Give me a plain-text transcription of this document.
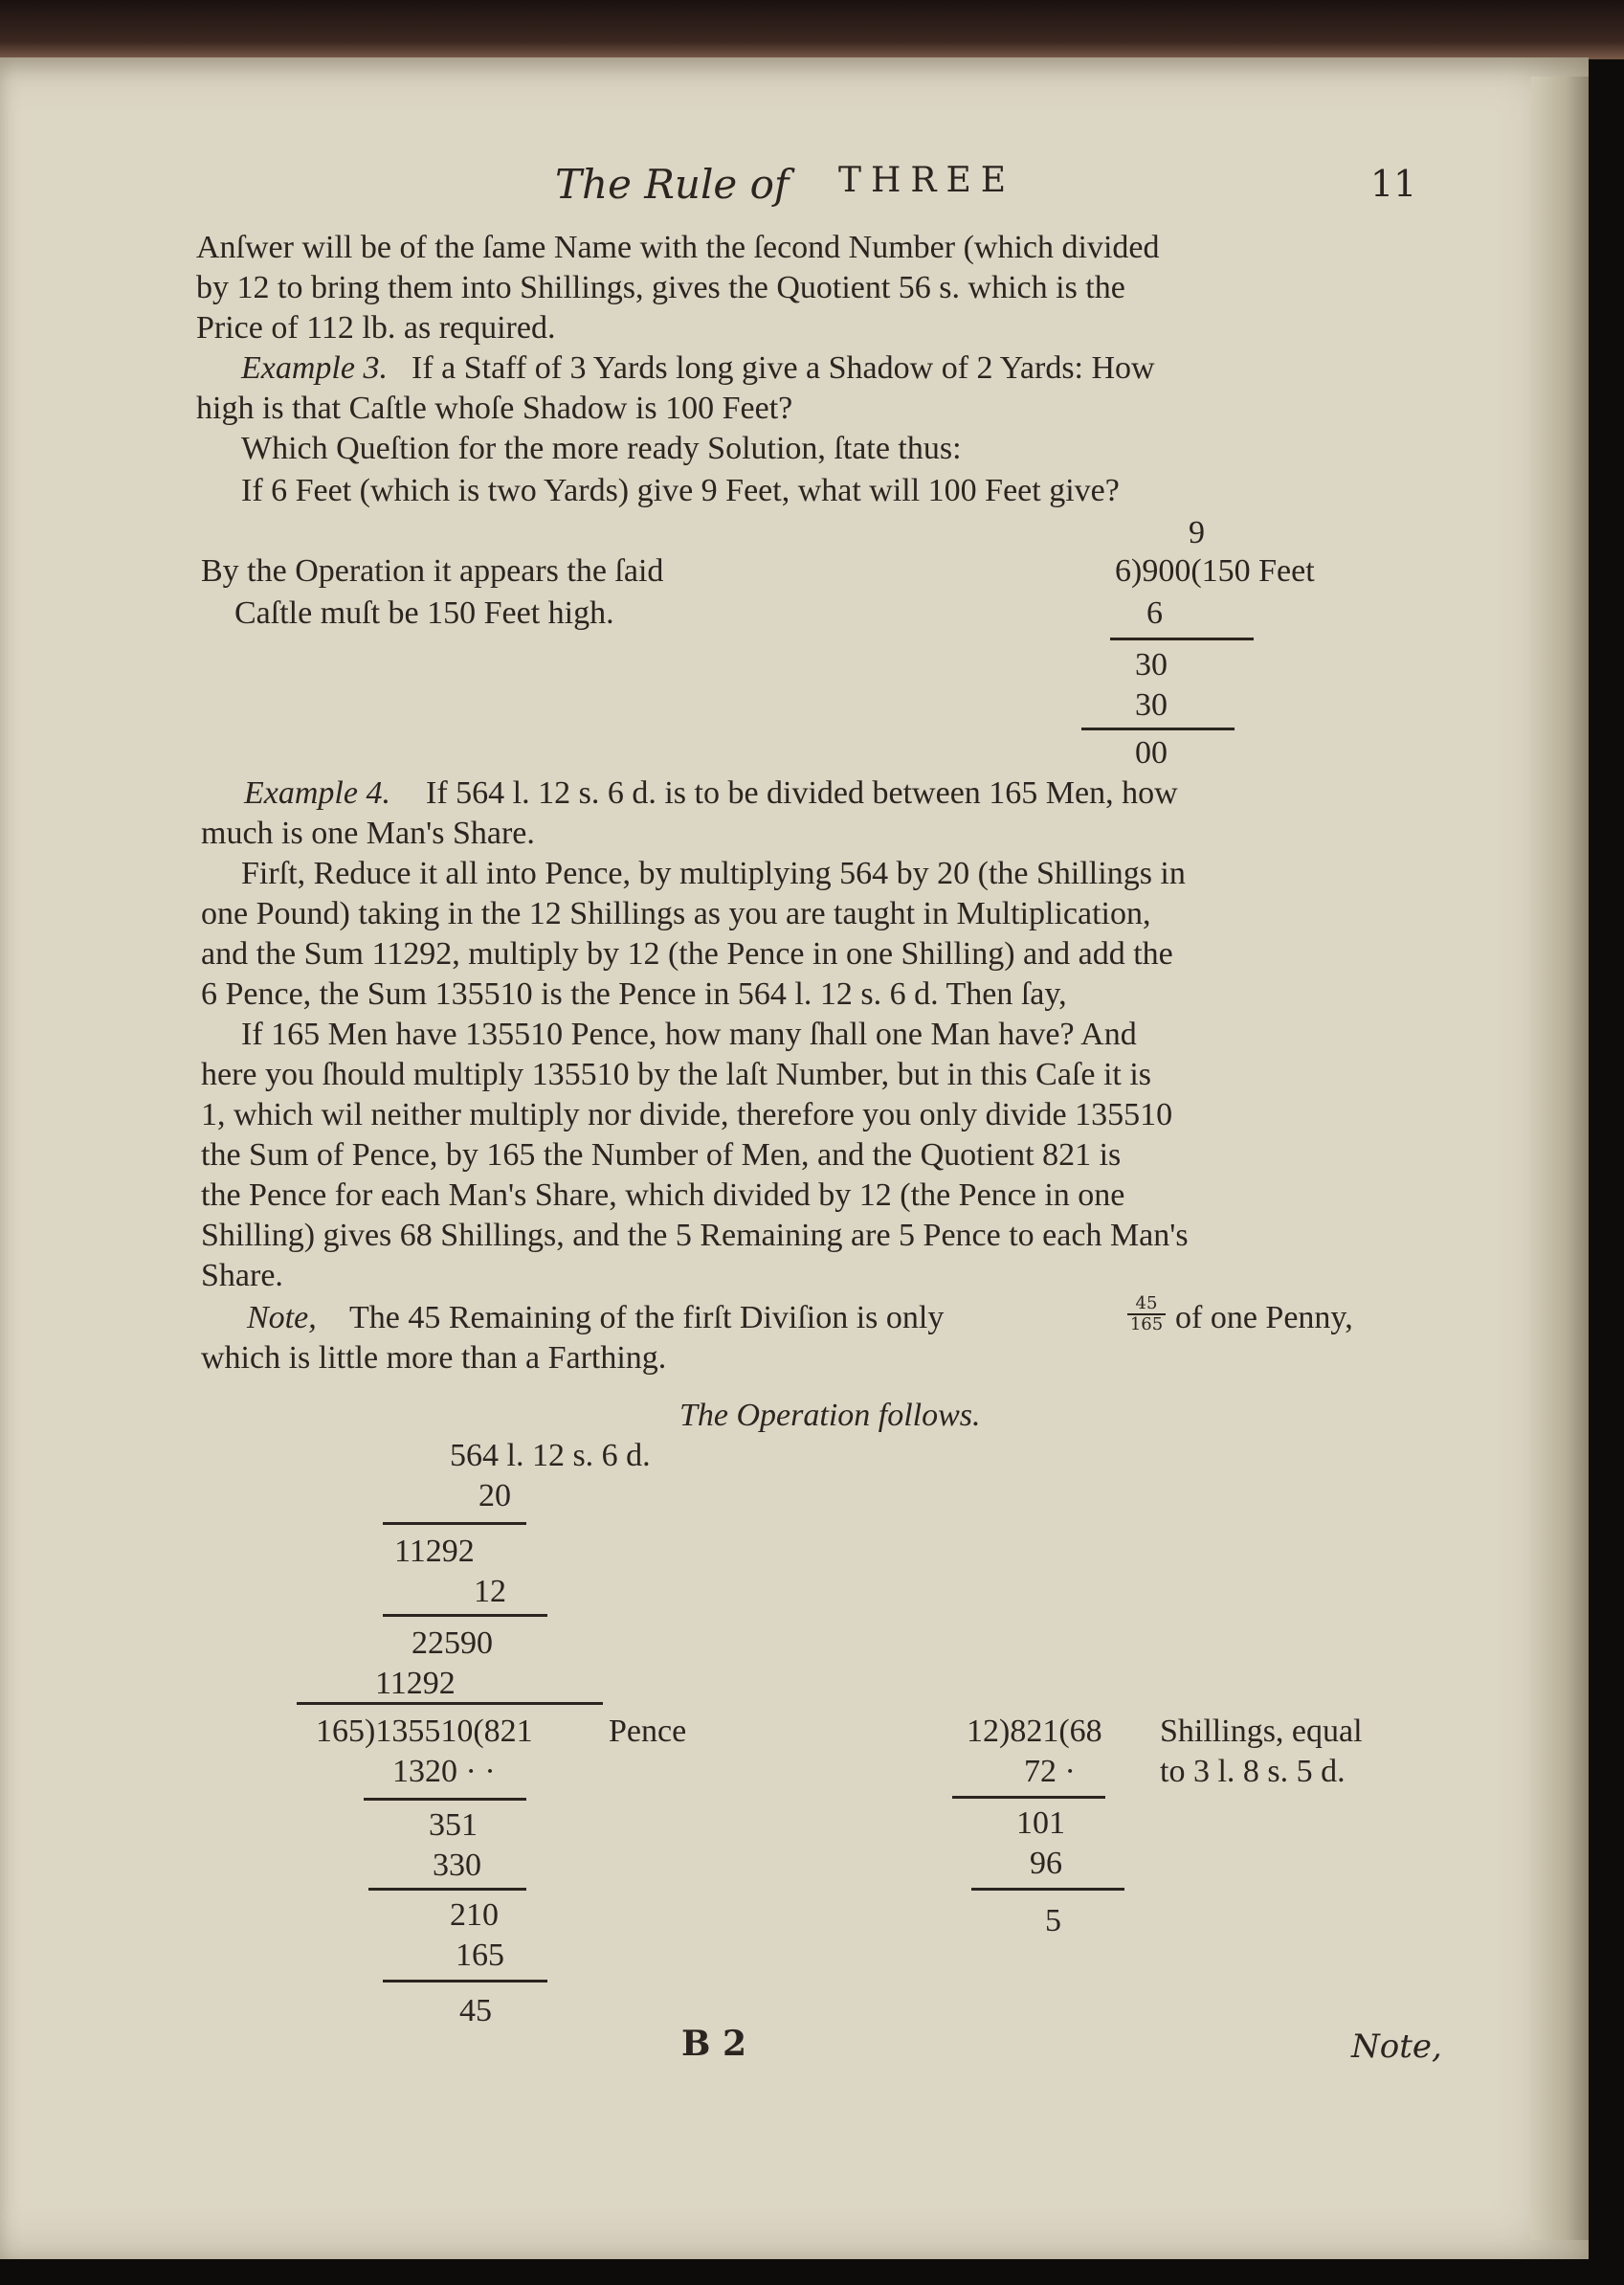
The Rule of THREE	11
Anſwer will be of the ſame Name with the ſecond Number (which divided
by 12 to bring them into Shillings, gives the Quotient 56 s. which is the
Price of 112 lb. as required.
Example 3. If a Staff of 3 Yards long give a Shadow of 2 Yards: How
high is that Caſtle whoſe Shadow is 100 Feet?
Which Queſtion for the more ready Solution, ſtate thus:
If 6 Feet (which is two Yards) give 9 Feet, what will 100 Feet give?
9
By the Operation it appears the ſaid
Caſtle muſt be 150 Feet high.
6)900(150 Feet
6
30
30
00
Example 4. If 564 l. 12 s. 6 d. is to be divided between 165 Men, how
much is one Man's Share.
Firſt, Reduce it all into Pence, by multiplying 564 by 20 (the Shillings in
one Pound) taking in the 12 Shillings as you are taught in Multiplication,
and the Sum 11292, multiply by 12 (the Pence in one Shilling) and add the
6 Pence, the Sum 135510 is the Pence in 564 l. 12 s. 6 d. Then ſay,
If 165 Men have 135510 Pence, how many ſhall one Man have? And
here you ſhould multiply 135510 by the laſt Number, but in this Caſe it is
1, which wil neither multiply nor divide, therefore you only divide 135510
the Sum of Pence, by 165 the Number of Men, and the Quotient 821 is
the Pence for each Man's Share, which divided by 12 (the Pence in one
Shilling) gives 68 Shillings, and the 5 Remaining are 5 Pence to each Man's
Share.
Note, The 45 Remaining of the firſt Diviſion is only	$\frac{45}{165}$ of one Penny,
which is little more than a Farthing.
The Operation follows.
564 l. 12 s. 6 d.
20
11292
12
22590
11292
165)135510(821 Pence
1320 · ·
351
330
210
165
45
12)821(68 Shillings, equal
72 ·	to 3 l. 8 s. 5 d.
101
96
5
B 2	Note,
